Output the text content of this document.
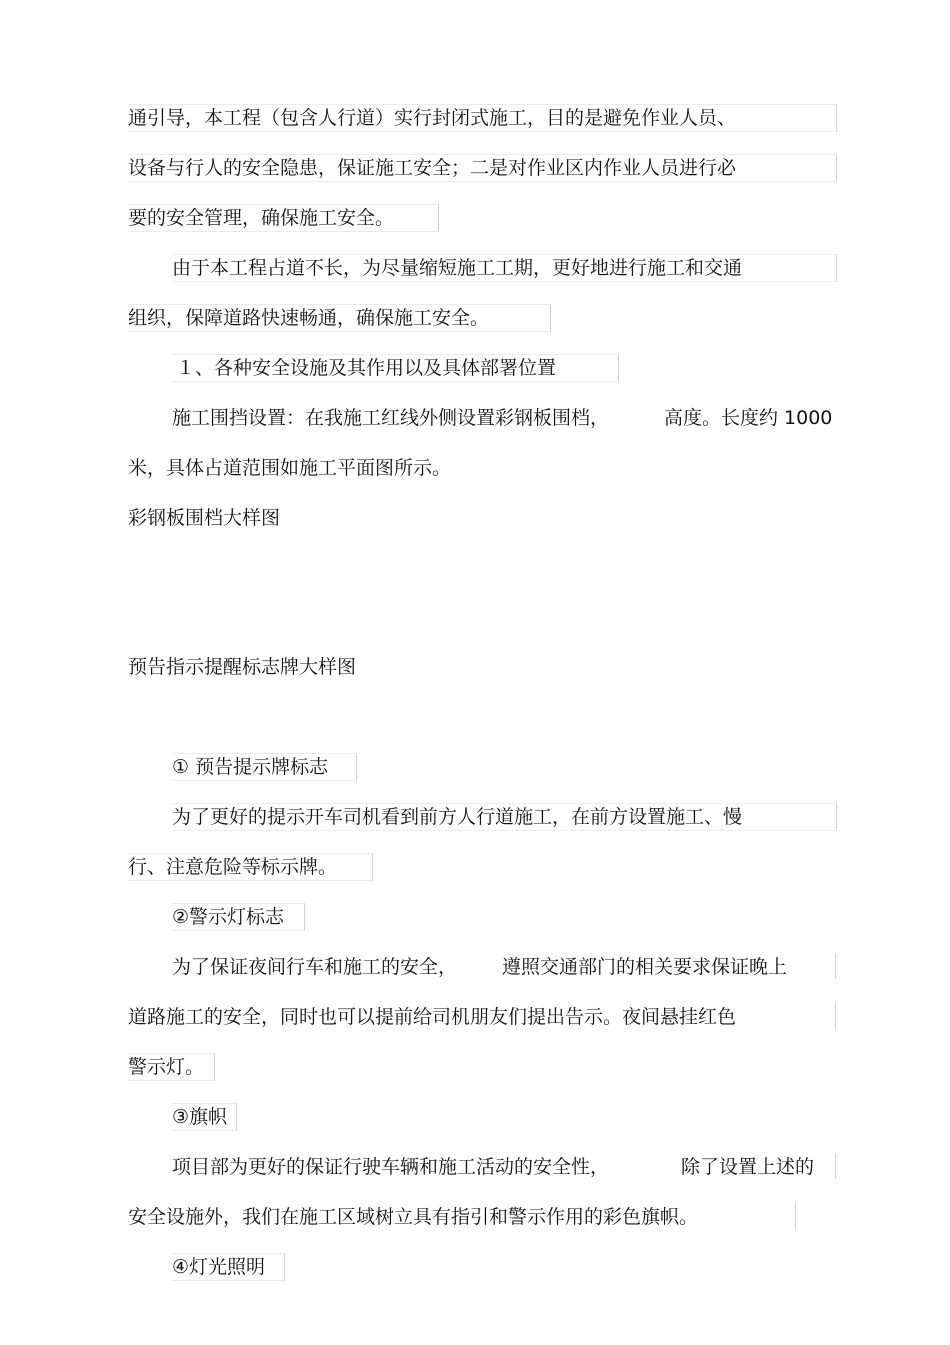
通引导，本工程（包含人行道）实行封闭式施工，目的是避免作业人员、
设备与行人的安全隐患，保证施工安全；二是对作业区内作业人员进行必
要的安全管理，确保施工安全。
由于本工程占道不长，为尽量缩短施工工期，更好地进行施工和交通
组织，保障道路快速畅通，确保施工安全。
１、各种安全设施及其作用以及具体部署位置
施工围挡设置：在我施工红线外侧设置彩钢板围档，	高度。长度约 1000
米，具体占道范围如施工平面图所示。
彩钢板围档大样图
预告指示提醒标志牌大样图
① 预告提示牌标志
为了更好的提示开车司机看到前方人行道施工，在前方设置施工、慢
行、注意危险等标示牌。
②警示灯标志
为了保证夜间行车和施工的安全， 遵照交通部门的相关要求保证晚上
道路施工的安全，同时也可以提前给司机朋友们提出告示。夜间悬挂红色
警示灯。
③旗帜
项目部为更好的保证行驶车辆和施工活动的安全性，	除了设置上述的
安全设施外，我们在施工区域树立具有指引和警示作用的彩色旗帜。
④灯光照明
